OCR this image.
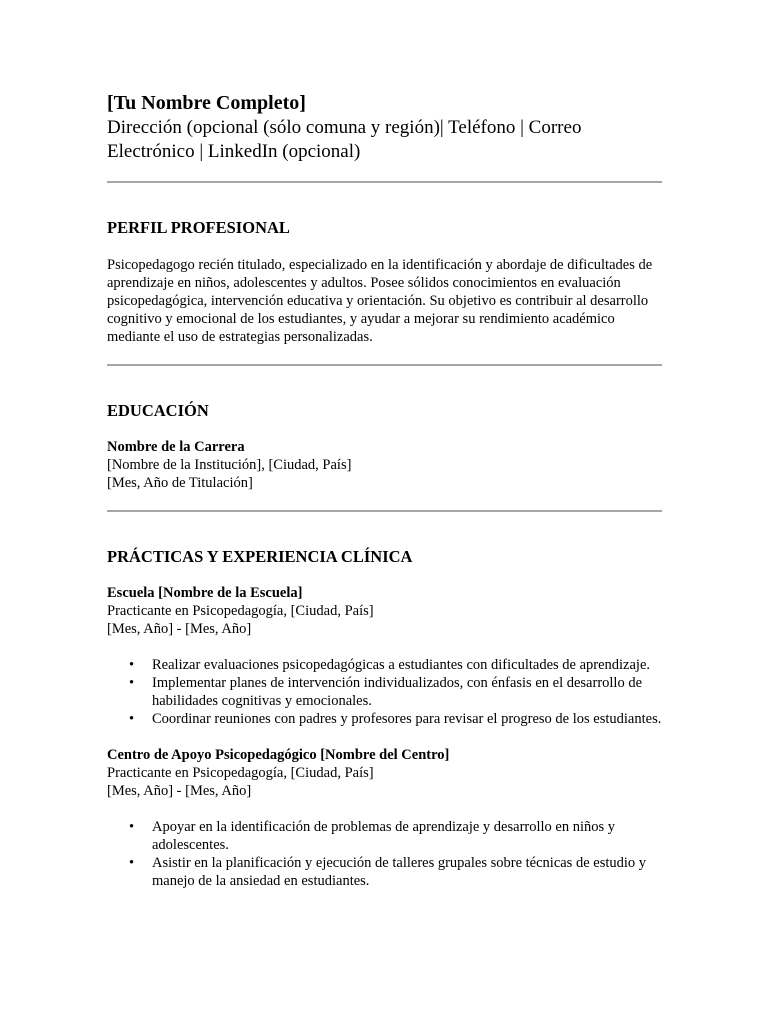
[Tu Nombre Completo]
Dirección (opcional (sólo comuna y región)| Teléfono | Correo
Electrónico | LinkedIn (opcional)
PERFIL PROFESIONAL

Psicopedagogo recién titulado, especializado en la identificación y abordaje de dificultades de aprendizaje en niños, adolescentes y adultos. Posee sólidos conocimientos en evaluación psicopedagógica, intervención educativa y orientación. Su objetivo es contribuir al desarrollo cognitivo y emocional de los estudiantes, y ayudar a mejorar su rendimiento académico mediante el uso de estrategias personalizadas.

EDUCACIÓN
Nombre de la Carrera
[Nombre de la Institución], [Ciudad, País]
[Mes, Año de Titulación]
PRÁCTICAS Y EXPERIENCIA CLÍNICA
Escuela [Nombre de la Escuela]
Practicante en Psicopedagogía, [Ciudad, País]
[Mes, Año] - [Mes, Año]
• Realizar evaluaciones psicopedagógicas a estudiantes con dificultades de aprendizaje.
• Implementar planes de intervención individualizados, con énfasis en el desarrollo de habilidades cognitivas y emocionales.
• Coordinar reuniones con padres y profesores para revisar el progreso de los estudiantes.
Centro de Apoyo Psicopedagógico [Nombre del Centro]
Practicante en Psicopedagogía, [Ciudad, País]
[Mes, Año] - [Mes, Año]
• Apoyar en la identificación de problemas de aprendizaje y desarrollo en niños y adolescentes.
• Asistir en la planificación y ejecución de talleres grupales sobre técnicas de estudio y manejo de la ansiedad en estudiantes.
